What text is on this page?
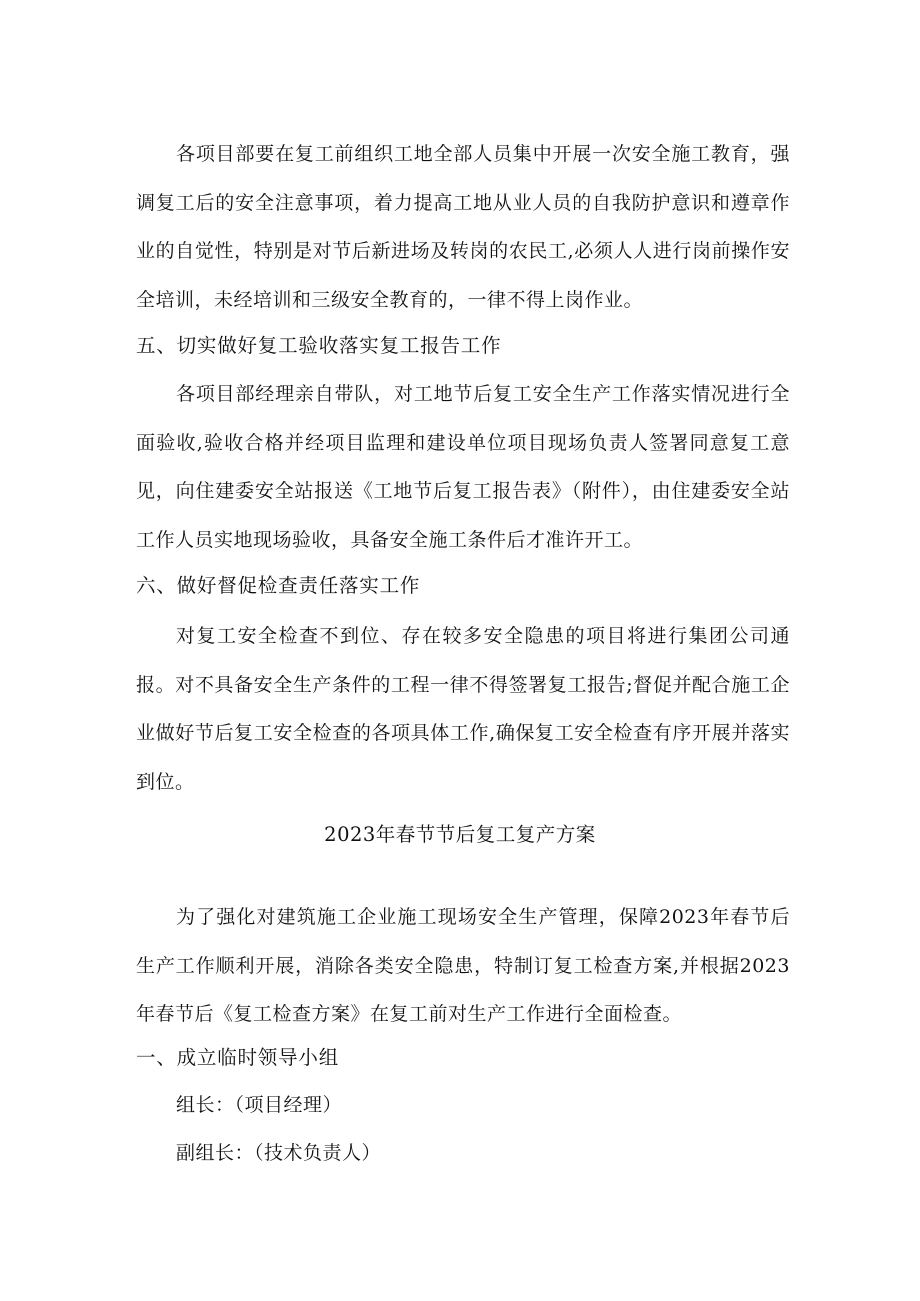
各项目部要在复工前组织工地全部人员集中开展一次安全施工教育，强调复工后的安全注意事项，着力提高工地从业人员的自我防护意识和遵章作业的自觉性，特别是对节后新进场及转岗的农民工,必须人人进行岗前操作安全培训，未经培训和三级安全教育的，一律不得上岗作业。

五、切实做好复工验收落实复工报告工作

各项目部经理亲自带队，对工地节后复工安全生产工作落实情况进行全面验收,验收合格并经项目监理和建设单位项目现场负责人签署同意复工意见，向住建委安全站报送《工地节后复工报告表》（附件），由住建委安全站工作人员实地现场验收，具备安全施工条件后才准许开工。

六、做好督促检查责任落实工作

对复工安全检查不到位、存在较多安全隐患的项目将进行集团公司通报。对不具备安全生产条件的工程一律不得签署复工报告;督促并配合施工企业做好节后复工安全检查的各项具体工作,确保复工安全检查有序开展并落实到位。

2023年春节节后复工复产方案

为了强化对建筑施工企业施工现场安全生产管理，保障2023年春节后生产工作顺利开展，消除各类安全隐患，特制订复工检查方案,并根据2023年春节后《复工检查方案》在复工前对生产工作进行全面检查。

一、成立临时领导小组

组长：（项目经理）

副组长：（技术负责人）
